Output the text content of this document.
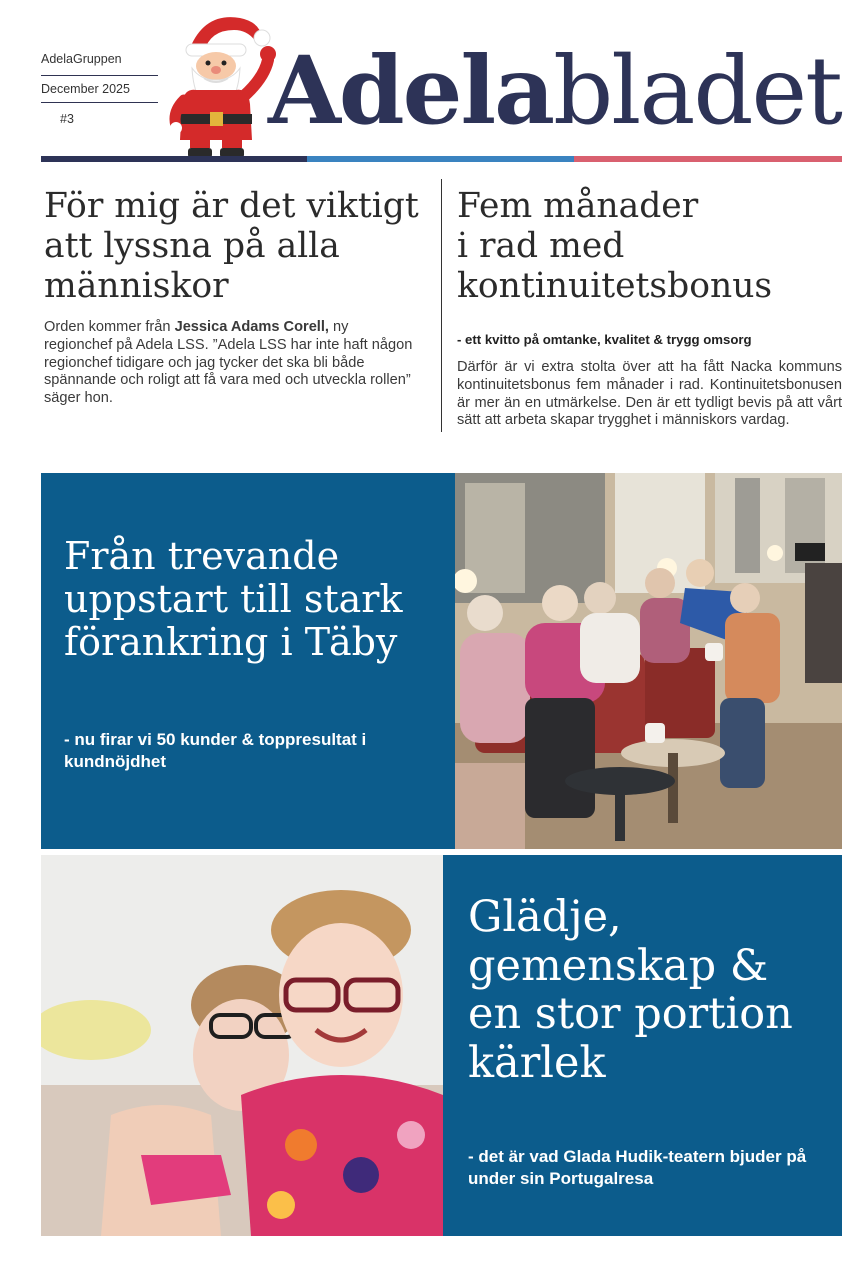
AdelaGruppen
December 2025
#3	Adelabladet
För mig är det viktigt att lyssna på alla människor

Orden kommer från Jessica Adams Corell, ny regionchef på Adela LSS. ”Adela LSS har inte haft någon regionchef tidigare och jag tycker det ska bli både spännande och roligt att få vara med och utveckla rollen” säger hon.

Fem månader
i rad med
kontinuitetsbonus

- ett kvitto på omtanke, kvalitet & trygg omsorg

Därför är vi extra stolta över att ha fått Nacka kommuns kontinuitetsbonus fem månader i rad. Kontinuitetsbonusen är mer än en utmärkelse. Den är ett tydligt bevis på att vårt sätt att arbeta skapar trygghet i människors vardag.

Från trevande uppstart till stark förankring i Täby

- nu firar vi 50 kunder & toppresultat i kundnöjdhet

Glädje, gemenskap & en stor portion kärlek

- det är vad Glada Hudik-teatern bjuder på under sin Portugalresa
